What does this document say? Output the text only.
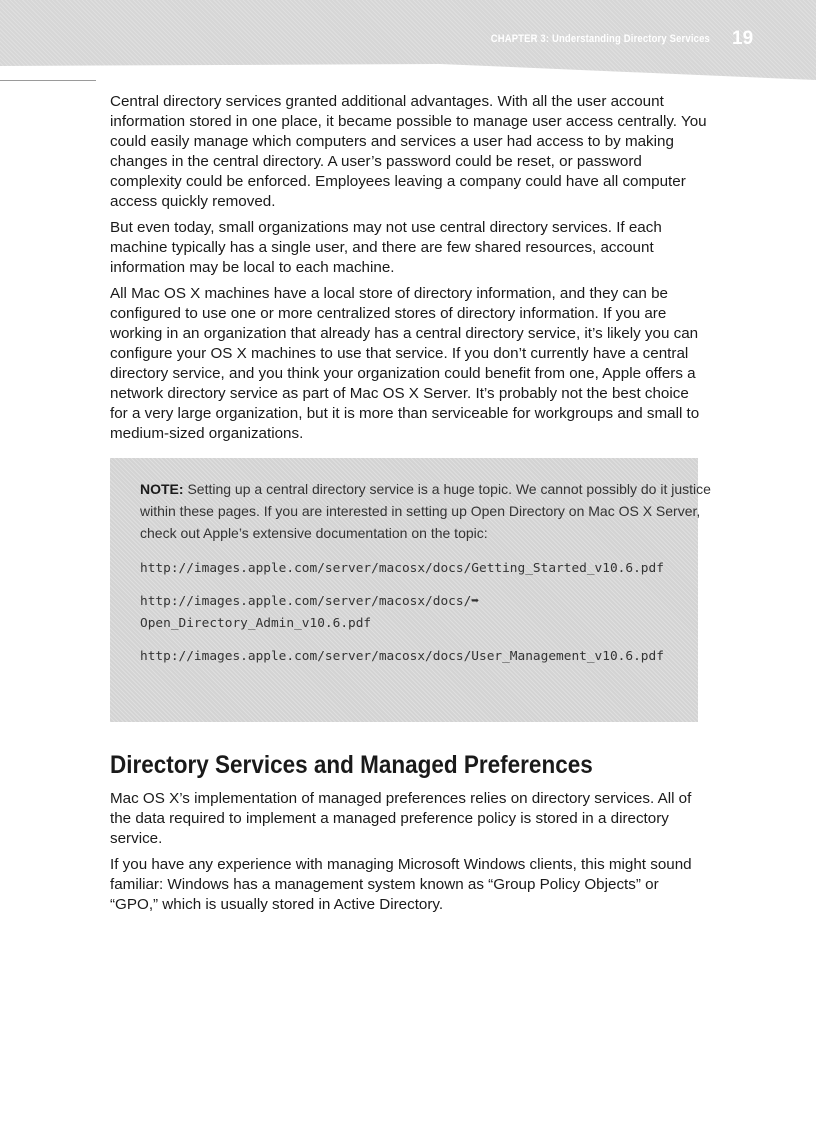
CHAPTER 3: Understanding Directory Services 19

Central directory services granted additional advantages. With all the user account information stored in one place, it became possible to manage user access centrally. You could easily manage which computers and services a user had access to by making changes in the central directory. A user’s password could be reset, or password complexity could be enforced. Employees leaving a company could have all computer access quickly removed.

But even today, small organizations may not use central directory services. If each machine typically has a single user, and there are few shared resources, account information may be local to each machine.

All Mac OS X machines have a local store of directory information, and they can be configured to use one or more centralized stores of directory information. If you are working in an organization that already has a central directory service, it’s likely you can configure your OS X machines to use that service. If you don’t currently have a central directory service, and you think your organization could benefit from one, Apple offers a network directory service as part of Mac OS X Server. It’s probably not the best choice for a very large organization, but it is more than serviceable for workgroups and small to medium-sized organizations.

NOTE: Setting up a central directory service is a huge topic. We cannot possibly do it justice
within these pages. If you are interested in setting up Open Directory on Mac OS X Server,
check out Apple’s extensive documentation on the topic:
http://images.apple.com/server/macosx/docs/Getting_Started_v10.6.pdf
http://images.apple.com/server/macosx/docs/➥
Open_Directory_Admin_v10.6.pdf
http://images.apple.com/server/macosx/docs/User_Management_v10.6.pdf
Directory Services and Managed Preferences

Mac OS X’s implementation of managed preferences relies on directory services. All of the data required to implement a managed preference policy is stored in a directory service.

If you have any experience with managing Microsoft Windows clients, this might sound familiar: Windows has a management system known as “Group Policy Objects” or “GPO,” which is usually stored in Active Directory.
